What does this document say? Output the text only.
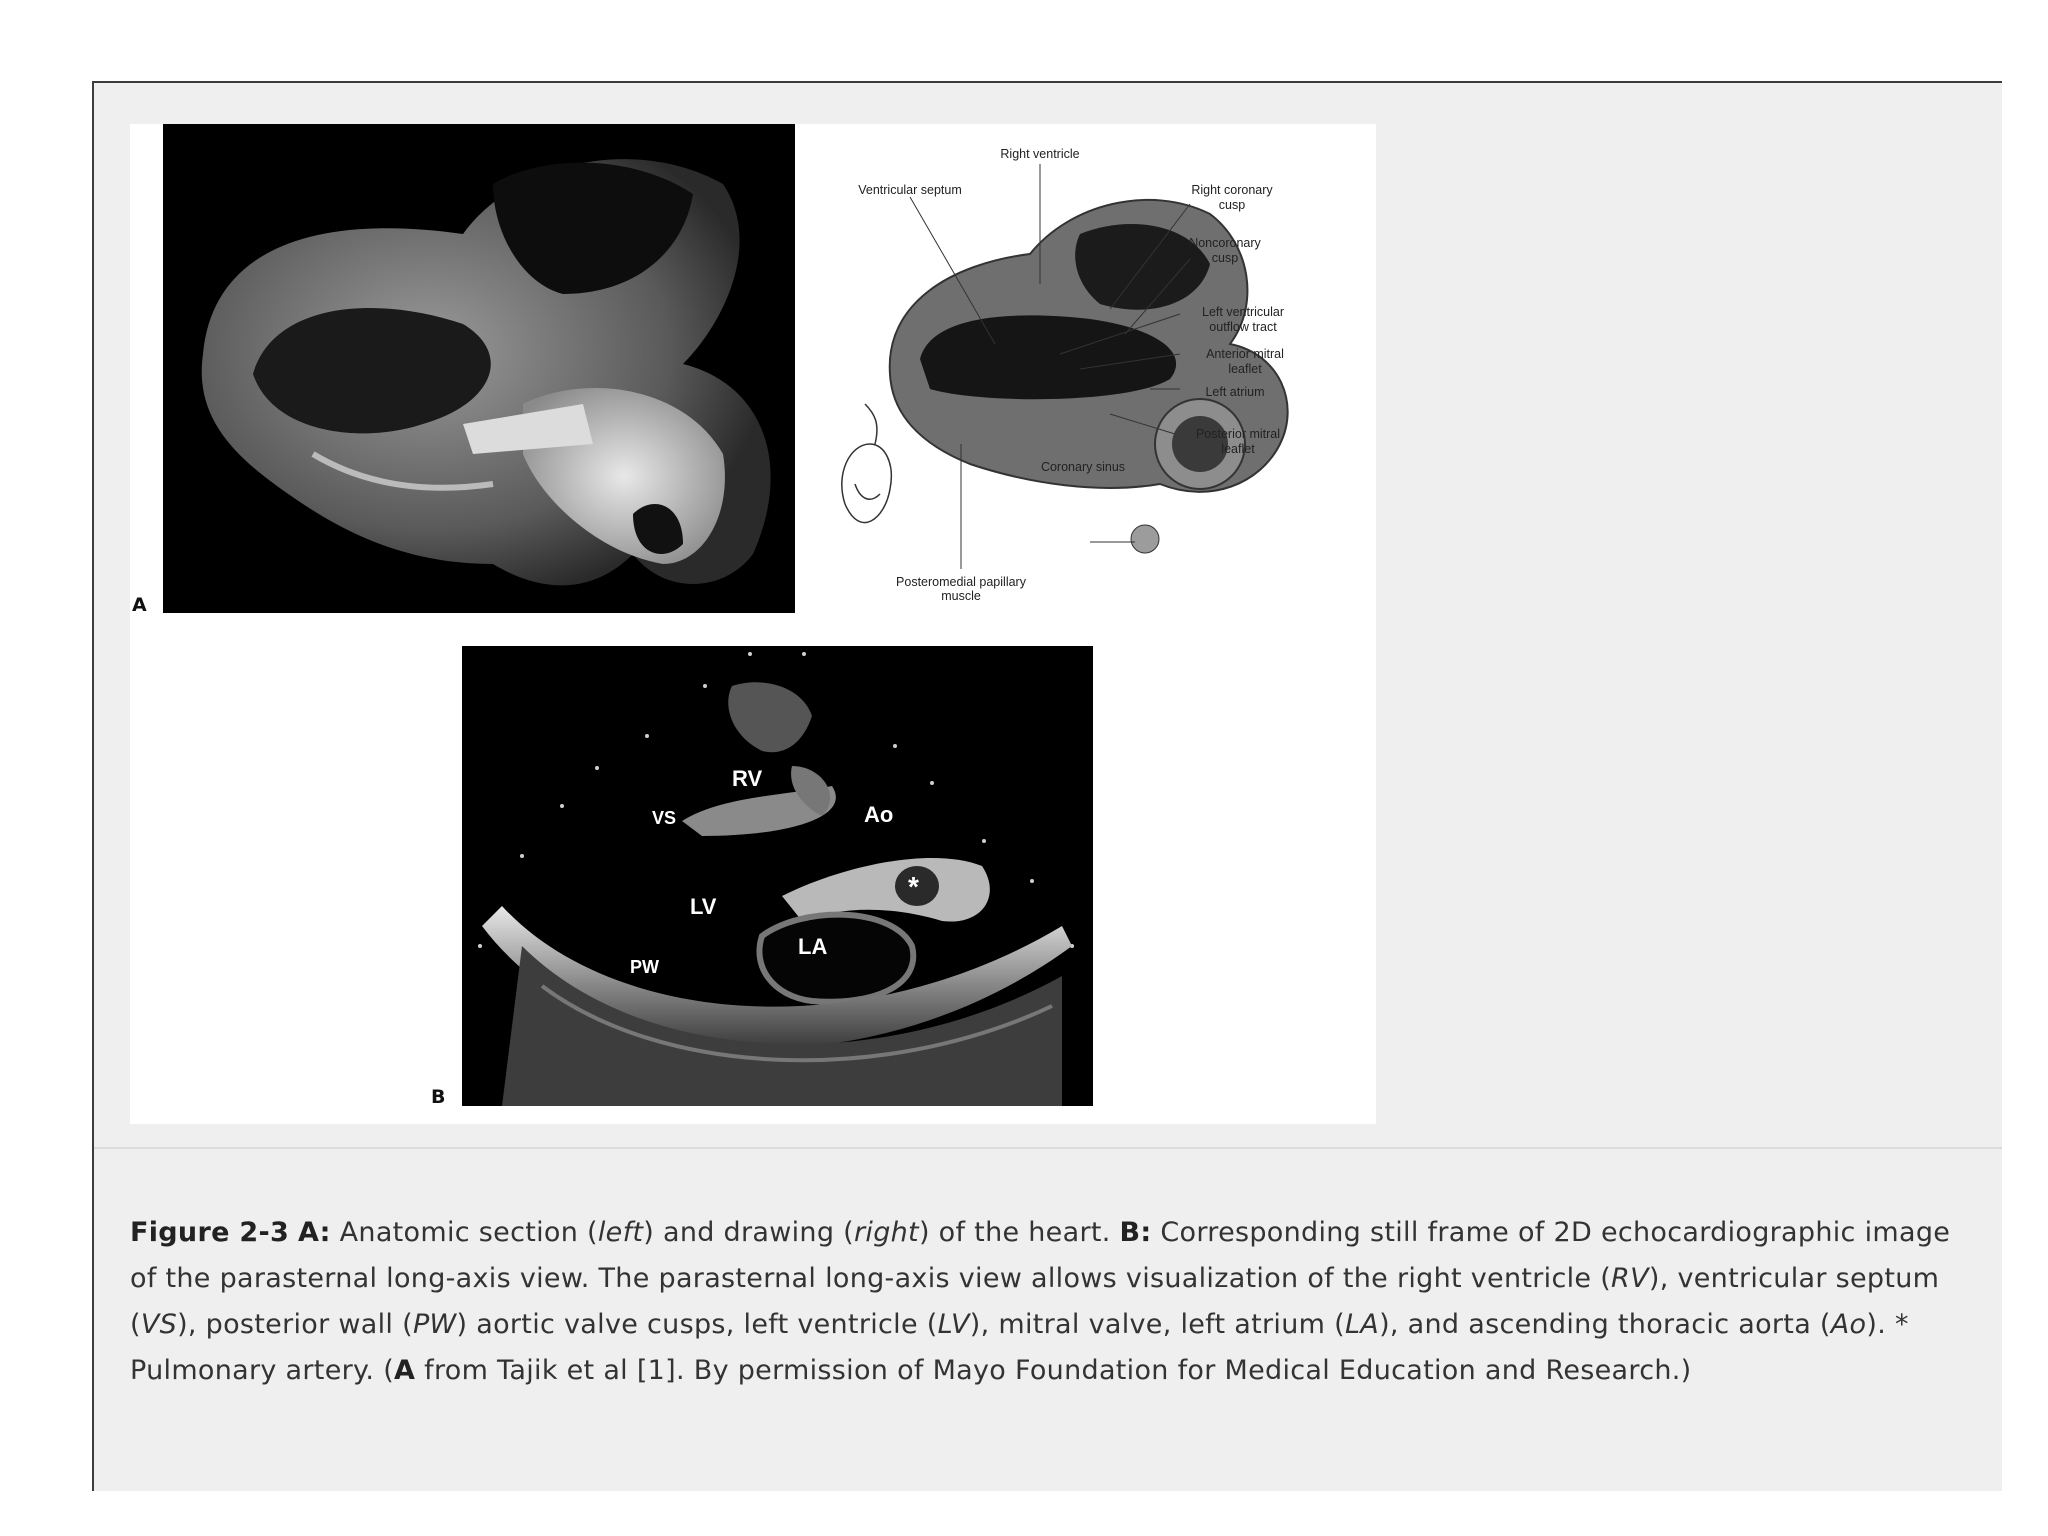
A
Right ventricle
Ventricular septum	Right coronary
cusp
Noncoronary
cusp
Left ventricular
outflow tract
Anterior mitral
leaflet
Left atrium
Posterior mitral
leaflet
Coronary sinus
Posteromedial papillary
muscle
B
RV
VS	Ao
LV
LA
PW
*

Figure 2-3 A: Anatomic section (left) and drawing (right) of the heart. B: Corresponding still frame of 2D echocardiographic image of the parasternal long-axis view. The parasternal long-axis view allows visualization of the right ventricle (RV), ventricular septum (VS), posterior wall (PW) aortic valve cusps, left ventricle (LV), mitral valve, left atrium (LA), and ascending thoracic aorta (Ao). * Pulmonary artery. (A from Tajik et al [1]. By permission of Mayo Foundation for Medical Education and Research.)
